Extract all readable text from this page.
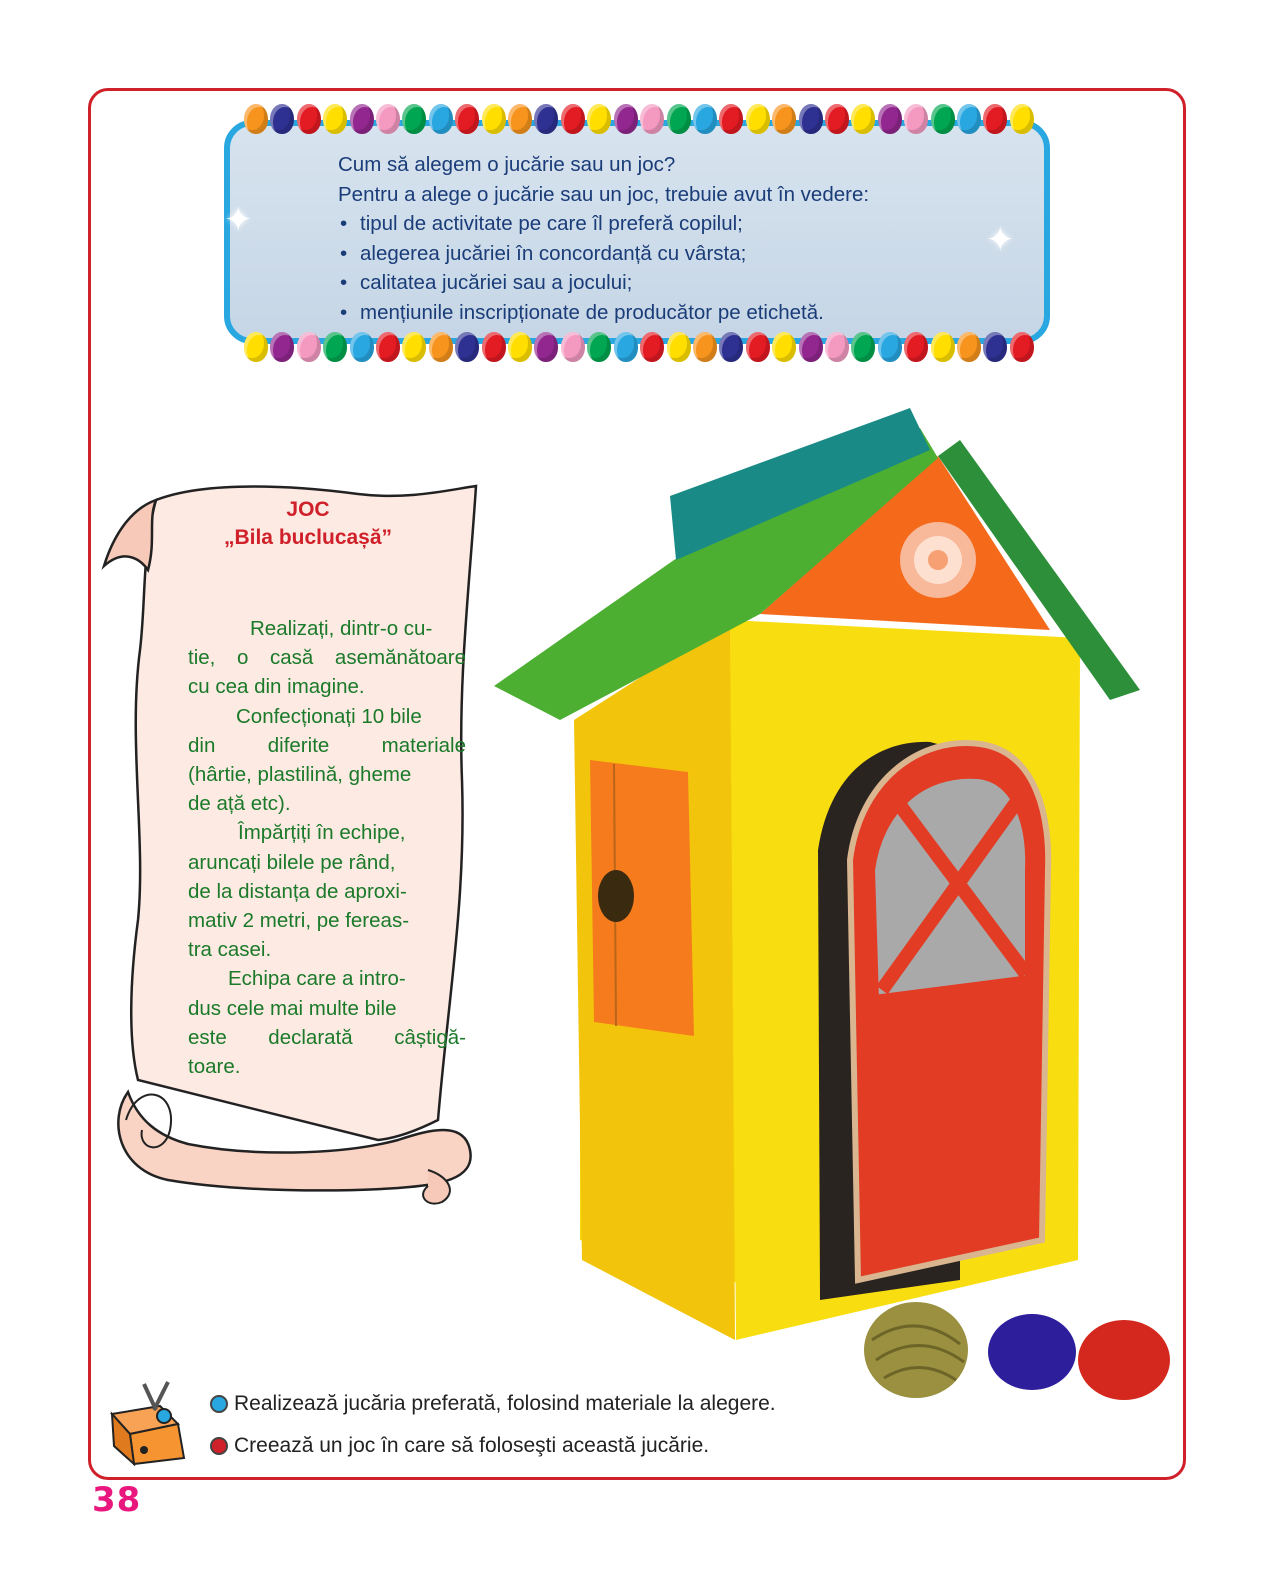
✦
✦

Cum să alegem o jucărie sau un joc?

Pentru a alege o jucărie sau un joc, trebuie avut în vedere:

• tipul de activitate pe care îl preferă copilul;
• alegerea jucăriei în concordanță cu vârsta;
• calitatea jucăriei sau a jocului;
• mențiunile inscripționate de producător pe etichetă.
JOC
„Bila buclucașă”
Realizați, dintr-o cu-
tie, o casă asemănătoare
cu cea din imagine.
Confecționați 10 bile
din diferite materiale
(hârtie, plastilină, gheme
de ață etc).
Împărțiți în echipe,
aruncați bilele pe rând,
de la distanța de aproxi-
mativ 2 metri, pe fereas-
tra casei.
Echipa care a intro-
dus cele mai multe bile
este declarată câștigă-
toare.
Realizează jucăria preferată, folosind materiale la alegere.
Creează un joc în care să foloseşti această jucărie.
38
